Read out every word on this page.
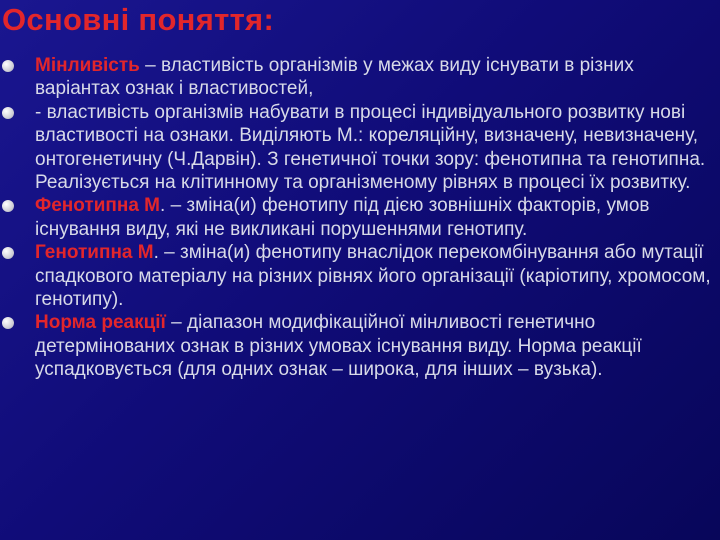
Основні поняття:
Мінливість – властивість організмів у межах виду існувати в різних варіантах ознак і властивостей,
- властивість організмів набувати в процесі індивідуального розвитку нові властивості на ознаки. Виділяють М.: кореляційну, визначену, невизначену, онтогенетичну (Ч.Дарвін). З генетичної точки зору: фенотипна та генотипна. Реалізується на клітинному та організменому рівнях в процесі їх розвитку.
Фенотипна М. – зміна(и) фенотипу під дією зовнішніх факторів, умов існування виду, які не викликані порушеннями генотипу.
Генотипна М. – зміна(и) фенотипу внаслідок перекомбінування або мутації спадкового матеріалу на різних рівнях його організації (каріотипу, хромосом, генотипу).
Норма реакції – діапазон модифікаційної мінливості генетично детермінованих ознак в різних умовах існування виду. Норма реакції успадковується (для одних ознак – широка, для інших – вузька).
